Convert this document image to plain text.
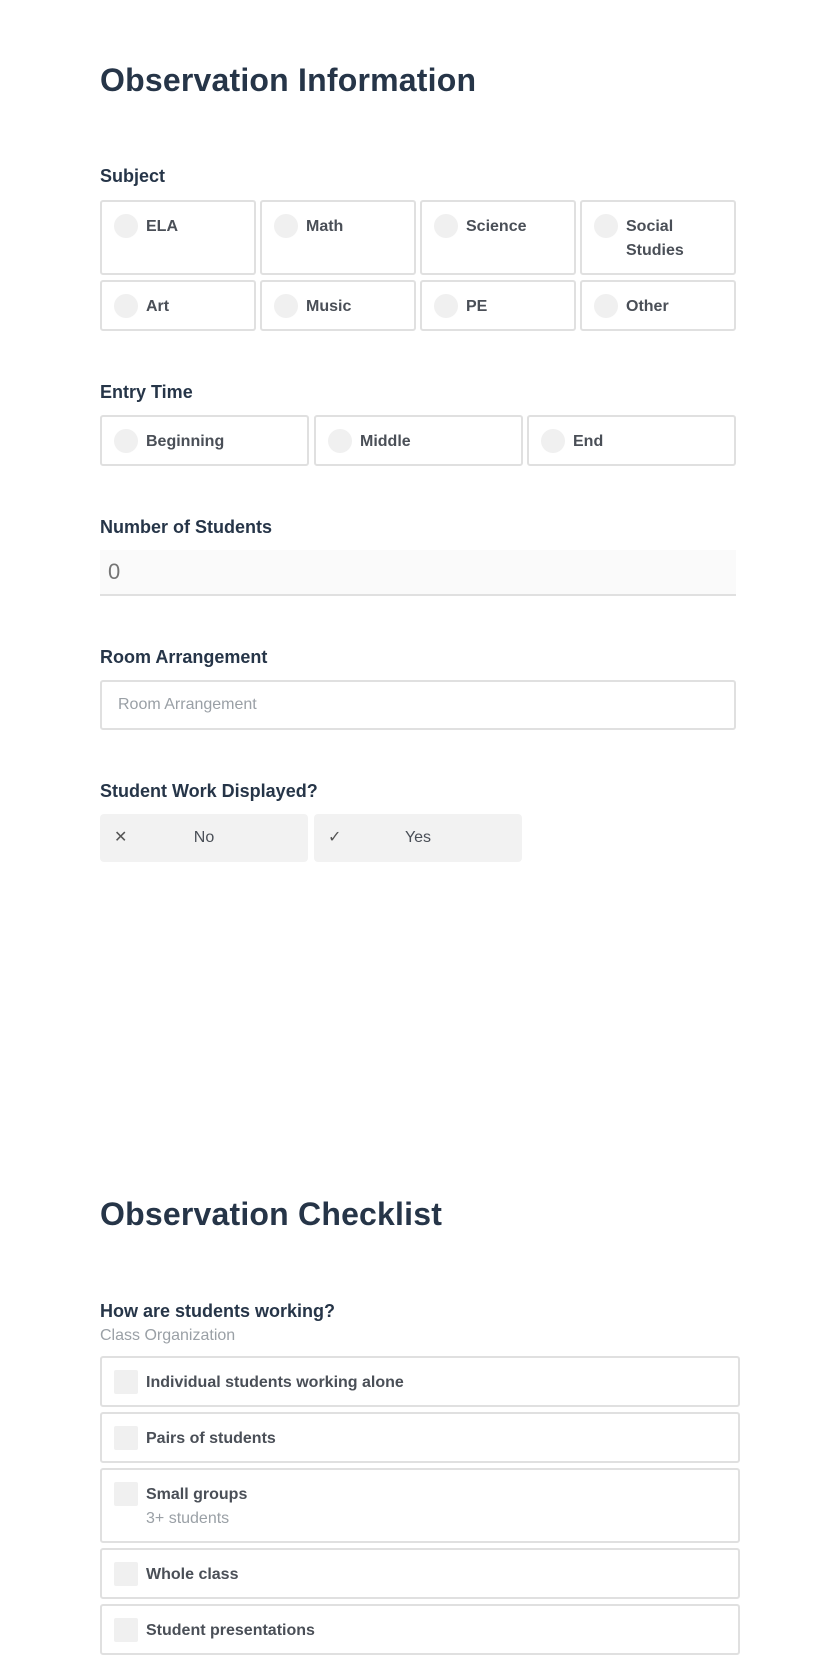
Observation Information
Subject
ELA	Math	Science	Social Studies
Art	Music	PE	Other
Entry Time
Beginning	Middle	End
Number of Students
0
Room Arrangement
Room Arrangement
Student Work Displayed?
✕	No	✓	Yes
Observation Checklist
How are students working?
Class Organization
Individual students working alone
Pairs of students
Small groups
3+ students
Whole class
Student presentations
